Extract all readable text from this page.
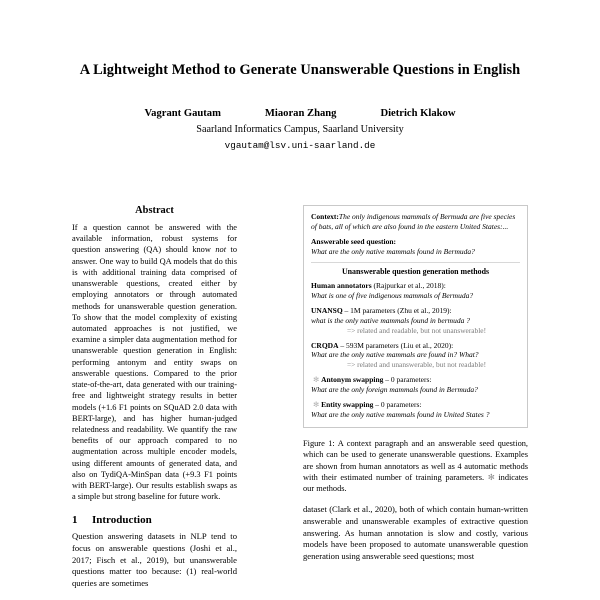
A Lightweight Method to Generate Unanswerable Questions in English
Vagrant Gautam	Miaoran Zhang	Dietrich Klakow
Saarland Informatics Campus, Saarland University
vgautam@lsv.uni-saarland.de
Abstract

If a question cannot be answered with the available information, robust systems for question answering (QA) should know not to answer. One way to build QA models that do this is with additional training data comprised of unanswerable questions, created either by employing annotators or through automated methods for unanswerable question generation. To show that the model complexity of existing automated approaches is not justified, we examine a simpler data augmentation method for unanswerable question generation in English: performing antonym and entity swaps on answerable questions. Compared to the prior state-of-the-art, data generated with our training-free and lightweight strategy results in better models (+1.6 F1 points on SQuAD 2.0 data with BERT-large), and has higher human-judged relatedness and readability. We quantify the raw benefits of our approach compared to no augmentation across multiple encoder models, using different amounts of generated data, and also on TydiQA-MinSpan data (+9.3 F1 points with BERT-large). Our results establish swaps as a simple but strong baseline for future work.

1	Introduction

Question answering datasets in NLP tend to focus on answerable questions (Joshi et al., 2017; Fisch et al., 2019), but unanswerable questions matter too because: (1) real-world queries are sometimes

Context:The only indigenous mammals of Bermuda are five species of bats, all of which are also found in the eastern United States:...

Answerable seed question:

What are the only native mammals found in Bermuda?

Unanswerable question generation methods

Human annotators (Rajpurkar et al., 2018):

What is one of five indigenous mammals of Bermuda?

UNANSQ – 1M parameters (Zhu et al., 2019):

what is the only native mammals found in bermuda ?

=> related and readable, but not unanswerable!

CRQDA – 593M parameters (Liu et al., 2020):

What are the only native mammals are found in? What?

=> related and unanswerable, but not readable!

✻ Antonym swapping – 0 parameters:

What are the only foreign mammals found in Bermuda?

✻ Entity swapping – 0 parameters:

What are the only native mammals found in United States ?

Figure 1: A context paragraph and an answerable seed question, which can be used to generate unanswerable questions. Examples are shown from human annotators as well as 4 automatic methods with their estimated number of training parameters. ✻ indicates our methods.

dataset (Clark et al., 2020), both of which contain human-written answerable and unanswerable examples of extractive question answering. As human annotation is slow and costly, various models have been proposed to automate unanswerable question generation using answerable seed questions; most
